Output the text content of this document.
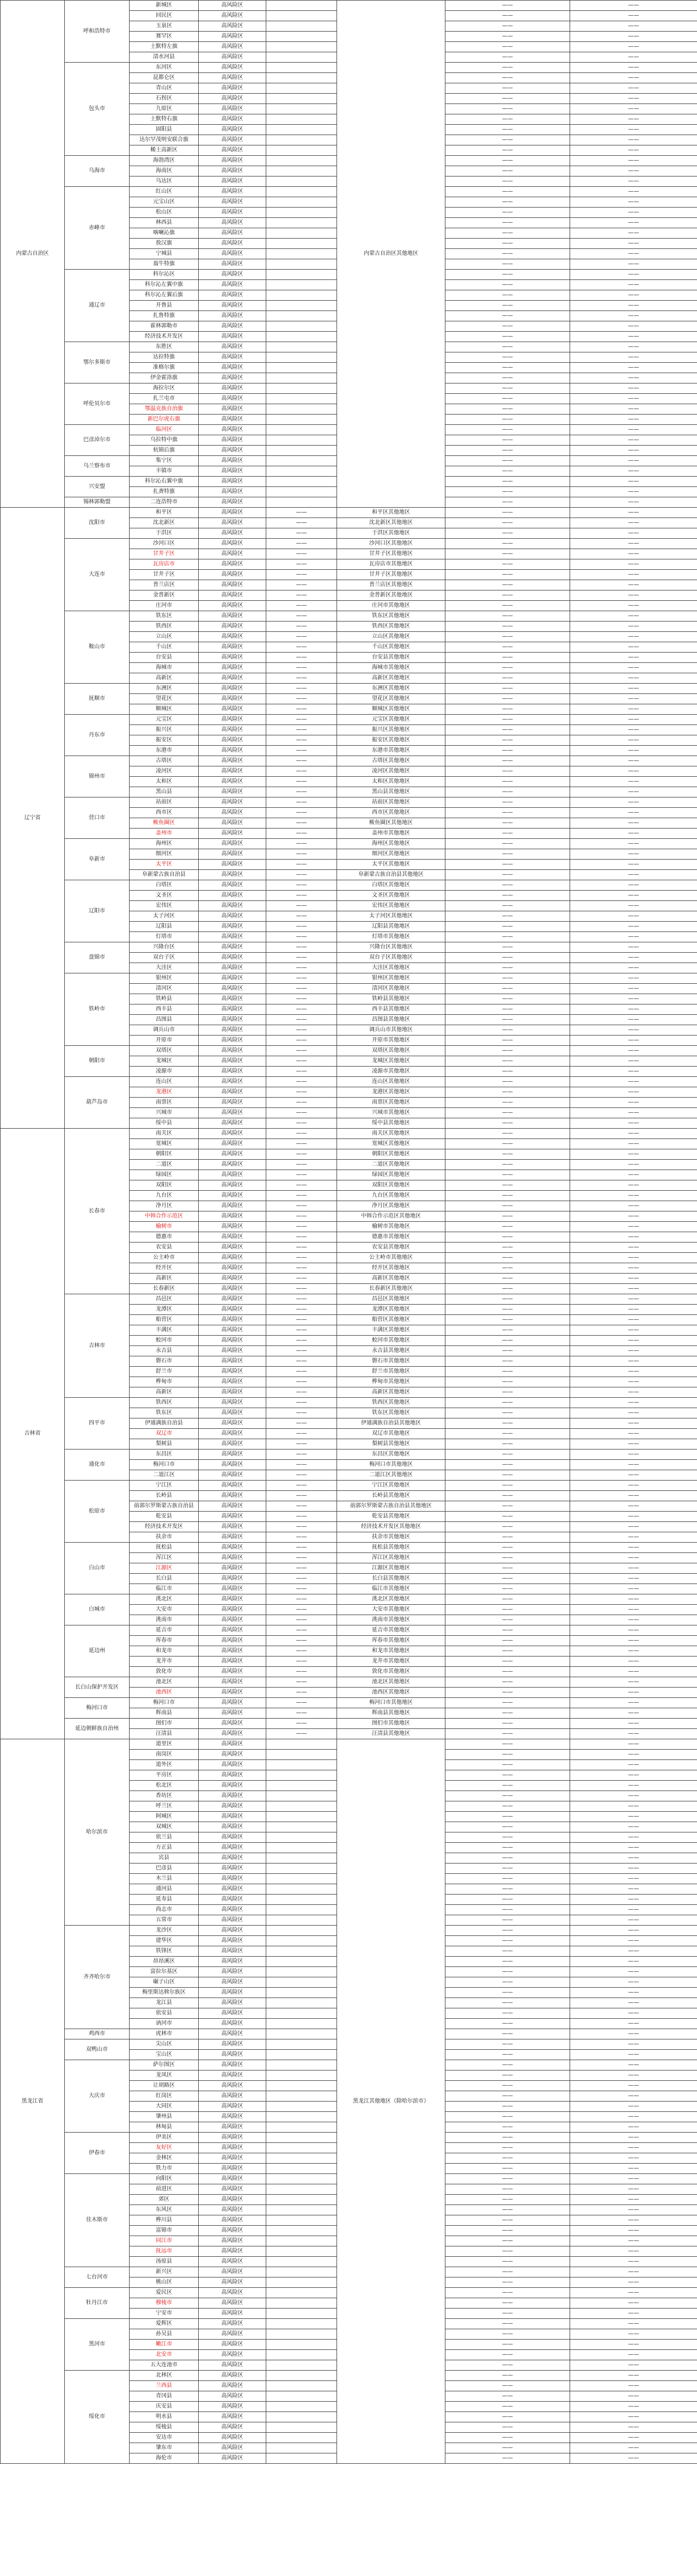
内蒙古自治区	呼和浩特市	新城区	高风险区		内蒙古自治区其他地区	——	——
		回民区	高风险区			——	——
		玉泉区	高风险区			——	——
		赛罕区	高风险区			——	——
		土默特左旗	高风险区			——	——
		清水河县	高风险区			——	——
	包头市	东河区	高风险区			——	——
		昆都仑区	高风险区			——	——
		青山区	高风险区			——	——
		石拐区	高风险区			——	——
		九原区	高风险区			——	——
		土默特右旗	高风险区			——	——
		固阳县	高风险区			——	——
		达尔罕茂明安联合旗	高风险区			——	——
		稀土高新区	高风险区			——	——
	乌海市	海勃湾区	高风险区			——	——
		海南区	高风险区			——	——
		乌达区	高风险区			——	——
	赤峰市	红山区	高风险区			——	——
		元宝山区	高风险区			——	——
		松山区	高风险区			——	——
		林西县	高风险区			——	——
		喀喇沁旗	高风险区			——	——
		敖汉旗	高风险区			——	——
		宁城县	高风险区			——	——
		翁牛特旗	高风险区			——	——
	通辽市	科尔沁区	高风险区			——	——
		科尔沁左翼中旗	高风险区			——	——
		科尔沁左翼后旗	高风险区			——	——
		开鲁县	高风险区			——	——
		扎鲁特旗	高风险区			——	——
		霍林郭勒市	高风险区			——	——
		经济技术开发区	高风险区			——	——
	鄂尔多斯市	东胜区	高风险区			——	——
		达拉特旗	高风险区			——	——
		准格尔旗	高风险区			——	——
		伊金霍洛旗	高风险区			——	——
	呼伦贝尔市	海拉尔区	高风险区			——	——
		扎兰屯市	高风险区			——	——
		鄂温克族自治旗	高风险区			——	——
		新巴尔虎右旗	高风险区			——	——
	巴彦淖尔市	临河区	高风险区			——	——
		乌拉特中旗	高风险区			——	——
		杭锦后旗	高风险区			——	——
	乌兰察布市	集宁区	高风险区			——	——
		丰镇市	高风险区			——	——
	兴安盟	科尔沁右翼中旗	高风险区			——	——
		扎赉特旗	高风险区			——	——
	锡林郭勒盟	二连浩特市	高风险区			——	——
辽宁省	沈阳市	和平区	高风险区	——	和平区其他地区	——	——
		沈北新区	高风险区	——	沈北新区其他地区	——	——
		于洪区	高风险区	——	于洪区其他地区	——	——
	大连市	沙河口区	高风险区	——	沙河口区其他地区	——	——
		甘井子区	高风险区	——	甘井子区其他地区	——	——
		瓦房店市	高风险区	——	瓦房店市其他地区	——	——
		甘井子区	高风险区	——	甘井子区其他地区	——	——
		普兰店区	高风险区	——	普兰店区其他地区	——	——
		金普新区	高风险区	——	金普新区其他地区	——	——
		庄河市	高风险区	——	庄河市其他地区	——	——
	鞍山市	铁东区	高风险区	——	铁东区其他地区	——	——
		铁西区	高风险区	——	铁西区其他地区	——	——
		立山区	高风险区	——	立山区其他地区	——	——
		千山区	高风险区	——	千山区其他地区	——	——
		台安县	高风险区	——	台安县其他地区	——	——
		海城市	高风险区	——	海城市其他地区	——	——
		高新区	高风险区	——	高新区其他地区	——	——
	抚顺市	东洲区	高风险区	——	东洲区其他地区	——	——
		望花区	高风险区	——	望花区其他地区	——	——
		顺城区	高风险区	——	顺城区其他地区	——	——
	丹东市	元宝区	高风险区	——	元宝区其他地区	——	——
		振兴区	高风险区	——	振兴区其他地区	——	——
		振安区	高风险区	——	振安区其他地区	——	——
		东港市	高风险区	——	东港市其他地区	——	——
	锦州市	古塔区	高风险区	——	古塔区其他地区	——	——
		凌河区	高风险区	——	凌河区其他地区	——	——
		太和区	高风险区	——	太和区其他地区	——	——
		黑山县	高风险区	——	黑山县其他地区	——	——
	营口市	站前区	高风险区	——	站前区其他地区	——	——
		西市区	高风险区	——	西市区其他地区	——	——
		鲅鱼圈区	高风险区	——	鲅鱼圈区其他地区	——	——
		盖州市	高风险区	——	盖州市其他地区	——	——
	阜新市	海州区	高风险区	——	海州区其他地区	——	——
		细河区	高风险区	——	细河区其他地区	——	——
		太平区	高风险区	——	太平区其他地区	——	——
		阜新蒙古族自治县	高风险区	——	阜新蒙古族自治县其他地区	——	——
	辽阳市	白塔区	高风险区	——	白塔区其他地区	——	——
		文圣区	高风险区	——	文圣区其他地区	——	——
		宏伟区	高风险区	——	宏伟区其他地区	——	——
		太子河区	高风险区	——	太子河区其他地区	——	——
		辽阳县	高风险区	——	辽阳县其他地区	——	——
		灯塔市	高风险区	——	灯塔市其他地区	——	——
	盘锦市	兴隆台区	高风险区	——	兴隆台区其他地区	——	——
		双台子区	高风险区	——	双台子区其他地区	——	——
		大洼区	高风险区	——	大洼区其他地区	——	——
	铁岭市	银州区	高风险区	——	银州区其他地区	——	——
		清河区	高风险区	——	清河区其他地区	——	——
		铁岭县	高风险区	——	铁岭县其他地区	——	——
		西丰县	高风险区	——	西丰县其他地区	——	——
		昌图县	高风险区	——	昌图县其他地区	——	——
		调兵山市	高风险区	——	调兵山市其他地区	——	——
		开原市	高风险区	——	开原市其他地区	——	——
	朝阳市	双塔区	高风险区	——	双塔区其他地区	——	——
		龙城区	高风险区	——	龙城区其他地区	——	——
		凌源市	高风险区	——	凌源市其他地区	——	——
	葫芦岛市	连山区	高风险区	——	连山区其他地区	——	——
		龙港区	高风险区	——	龙港区其他地区	——	——
		南票区	高风险区	——	南票区其他地区	——	——
		兴城市	高风险区	——	兴城市其他地区	——	——
		绥中县	高风险区	——	绥中县其他地区	——	——
吉林省	长春市	南关区	高风险区	——	南关区其他地区	——	——
		宽城区	高风险区	——	宽城区其他地区	——	——
		朝阳区	高风险区	——	朝阳区其他地区	——	——
		二道区	高风险区	——	二道区其他地区	——	——
		绿园区	高风险区	——	绿园区其他地区	——	——
		双阳区	高风险区	——	双阳区其他地区	——	——
		九台区	高风险区	——	九台区其他地区	——	——
		净月区	高风险区	——	净月区其他地区	——	——
		中韩合作示范区	高风险区	——	中韩合作示范区其他地区	——	——
		榆树市	高风险区	——	榆树市其他地区	——	——
		德惠市	高风险区	——	德惠市其他地区	——	——
		农安县	高风险区	——	农安县其他地区	——	——
		公主岭市	高风险区	——	公主岭市其他地区	——	——
		经开区	高风险区	——	经开区其他地区	——	——
		高新区	高风险区	——	高新区其他地区	——	——
		长春新区	高风险区	——	长春新区其他地区	——	——
	吉林市	昌邑区	高风险区	——	昌邑区其他地区	——	——
		龙潭区	高风险区	——	龙潭区其他地区	——	——
		船营区	高风险区	——	船营区其他地区	——	——
		丰满区	高风险区	——	丰满区其他地区	——	——
		蛟河市	高风险区	——	蛟河市其他地区	——	——
		永吉县	高风险区	——	永吉县其他地区	——	——
		磐石市	高风险区	——	磐石市其他地区	——	——
		舒兰市	高风险区	——	舒兰市其他地区	——	——
		桦甸市	高风险区	——	桦甸市其他地区	——	——
		高新区	高风险区	——	高新区其他地区	——	——
	四平市	铁西区	高风险区	——	铁西区其他地区	——	——
		铁东区	高风险区	——	铁东区其他地区	——	——
		伊通满族自治县	高风险区	——	伊通满族自治县其他地区	——	——
		双辽市	高风险区	——	双辽市其他地区	——	——
		梨树县	高风险区	——	梨树县其他地区	——	——
	通化市	东昌区	高风险区	——	东昌区其他地区	——	——
		梅河口市	高风险区	——	梅河口市其他地区	——	——
		二道江区	高风险区	——	二道江区其他地区	——	——
	松原市	宁江区	高风险区	——	宁江区其他地区	——	——
		长岭县	高风险区	——	长岭县其他地区	——	——
		前郭尔罗斯蒙古族自治县	高风险区	——	前郭尔罗斯蒙古族自治县其他地区	——	——
		乾安县	高风险区	——	乾安县其他地区	——	——
		经济技术开发区	高风险区	——	经济技术开发区其他地区	——	——
		扶余市	高风险区	——	扶余市其他地区	——	——
	白山市	抚松县	高风险区	——	抚松县其他地区	——	——
		浑江区	高风险区	——	浑江区其他地区	——	——
		江源区	高风险区	——	江源区其他地区	——	——
		长白县	高风险区	——	长白县其他地区	——	——
		临江市	高风险区	——	临江市其他地区	——	——
	白城市	洮北区	高风险区	——	洮北区其他地区	——	——
		大安市	高风险区	——	大安市其他地区	——	——
		洮南市	高风险区	——	洮南市其他地区	——	——
	延边州	延吉市	高风险区	——	延吉市其他地区	——	——
		珲春市	高风险区	——	珲春市其他地区	——	——
		和龙市	高风险区	——	和龙市其他地区	——	——
		龙井市	高风险区	——	龙井市其他地区	——	——
		敦化市	高风险区	——	敦化市其他地区	——	——
	长白山保护开发区	池北区	高风险区	——	池北区其他地区	——	——
		池西区	高风险区	——	池西区其他地区	——	——
	梅河口市	梅河口市	高风险区	——	梅河口市其他地区	——	——
		辉南县	高风险区	——	辉南县其他地区	——	——
	延边朝鲜族自治州	图们市	高风险区	——	图们市其他地区	——	——
		汪清县	高风险区	——	汪清县其他地区	——	——
黑龙江省	哈尔滨市	道里区	高风险区		黑龙江其他地区（除哈尔滨市）	——	——
		南岗区	高风险区			——	——
		道外区	高风险区			——	——
		平房区	高风险区			——	——
		松北区	高风险区			——	——
		香坊区	高风险区			——	——
		呼兰区	高风险区			——	——
		阿城区	高风险区			——	——
		双城区	高风险区			——	——
		依兰县	高风险区			——	——
		方正县	高风险区			——	——
		宾县	高风险区			——	——
		巴彦县	高风险区			——	——
		木兰县	高风险区			——	——
		通河县	高风险区			——	——
		延寿县	高风险区			——	——
		尚志市	高风险区			——	——
		五常市	高风险区			——	——
	齐齐哈尔市	龙沙区	高风险区			——	——
		建华区	高风险区			——	——
		铁锋区	高风险区			——	——
		昂昂溪区	高风险区			——	——
		富拉尔基区	高风险区			——	——
		碾子山区	高风险区			——	——
		梅里斯达斡尔族区	高风险区			——	——
		龙江县	高风险区			——	——
		依安县	高风险区			——	——
		讷河市	高风险区			——	——
	鸡西市	虎林市	高风险区			——	——
	双鸭山市	尖山区	高风险区			——	——
		宝山区	高风险区			——	——
	大庆市	萨尔图区	高风险区			——	——
		龙凤区	高风险区			——	——
		让胡路区	高风险区			——	——
		红岗区	高风险区			——	——
		大同区	高风险区			——	——
		肇州县	高风险区			——	——
		林甸县	高风险区			——	——
	伊春市	伊美区	高风险区			——	——
		友好区	高风险区			——	——
		金林区	高风险区			——	——
		铁力市	高风险区			——	——
	佳木斯市	向阳区	高风险区			——	——
		前进区	高风险区			——	——
		郊区	高风险区			——	——
		东风区	高风险区			——	——
		桦川县	高风险区			——	——
		富锦市	高风险区			——	——
		同江市	高风险区			——	——
		抚远市	高风险区			——	——
		汤原县	高风险区			——	——
	七台河市	新兴区	高风险区			——	——
		桃山区	高风险区			——	——
	牡丹江市	爱民区	高风险区			——	——
		穆棱市	高风险区			——	——
		宁安市	高风险区			——	——
	黑河市	爱辉区	高风险区			——	——
		孙吴县	高风险区			——	——
		嫩江市	高风险区			——	——
		北安市	高风险区			——	——
		五大连池市	高风险区			——	——
	绥化市	北林区	高风险区			——	——
		兰西县	高风险区			——	——
		青冈县	高风险区			——	——
		庆安县	高风险区			——	——
		明水县	高风险区			——	——
		绥棱县	高风险区			——	——
		安达市	高风险区			——	——
		肇东市	高风险区			——	——
		海伦市	高风险区			——	——
